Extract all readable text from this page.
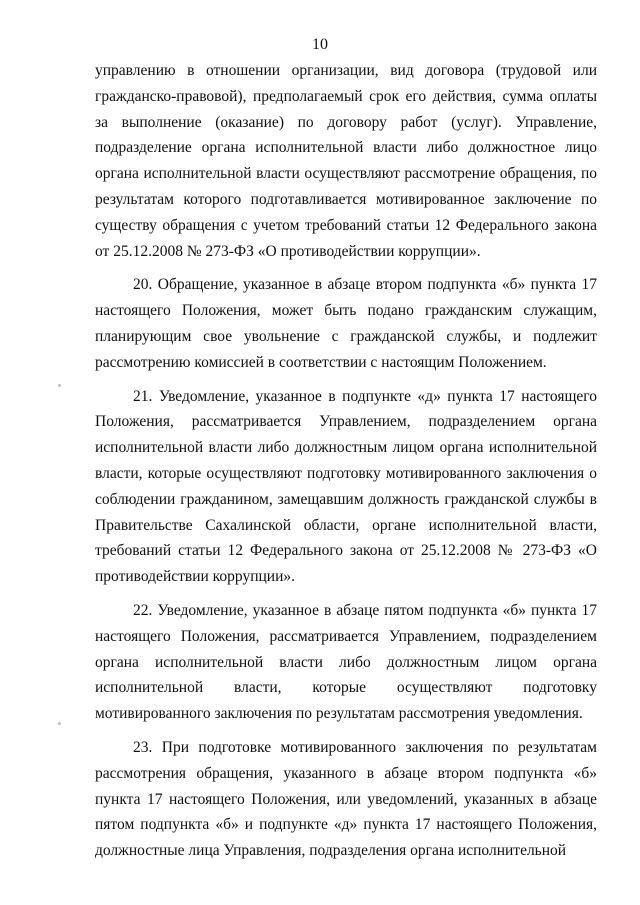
10

управлению в отношении организации, вид договора (трудовой или гражданско-правовой), предполагаемый срок его действия, сумма оплаты за выполнение (оказание) по договору работ (услуг). Управление, подразделение органа исполнительной власти либо должностное лицо органа исполнительной власти осуществляют рассмотрение обращения, по результатам которого подготавливается мотивированное заключение по существу обращения с учетом требований статьи 12 Федерального закона от 25.12.2008 № 273-ФЗ «О противодействии коррупции».

20. Обращение, указанное в абзаце втором подпункта «б» пункта 17 настоящего Положения, может быть подано гражданским служащим, планирующим свое увольнение с гражданской службы, и подлежит рассмотрению комиссией в соответствии с настоящим Положением.

21. Уведомление, указанное в подпункте «д» пункта 17 настоящего Положения, рассматривается Управлением, подразделением органа исполнительной власти либо должностным лицом органа исполнительной власти, которые осуществляют подготовку мотивированного заключения о соблюдении гражданином, замещавшим должность гражданской службы в Правительстве Сахалинской области, органе исполнительной власти, требований статьи 12 Федерального закона от 25.12.2008 № 273-ФЗ «О противодействии коррупции».

22. Уведомление, указанное в абзаце пятом подпункта «б» пункта 17 настоящего Положения, рассматривается Управлением, подразделением органа исполнительной власти либо должностным лицом органа исполнительной власти, которые осуществляют подготовку мотивированного заключения по результатам рассмотрения уведомления.

23. При подготовке мотивированного заключения по результатам рассмотрения обращения, указанного в абзаце втором подпункта «б» пункта 17 настоящего Положения, или уведомлений, указанных в абзаце пятом подпункта «б» и подпункте «д» пункта 17 настоящего Положения, должностные лица Управления, подразделения органа исполнительной
